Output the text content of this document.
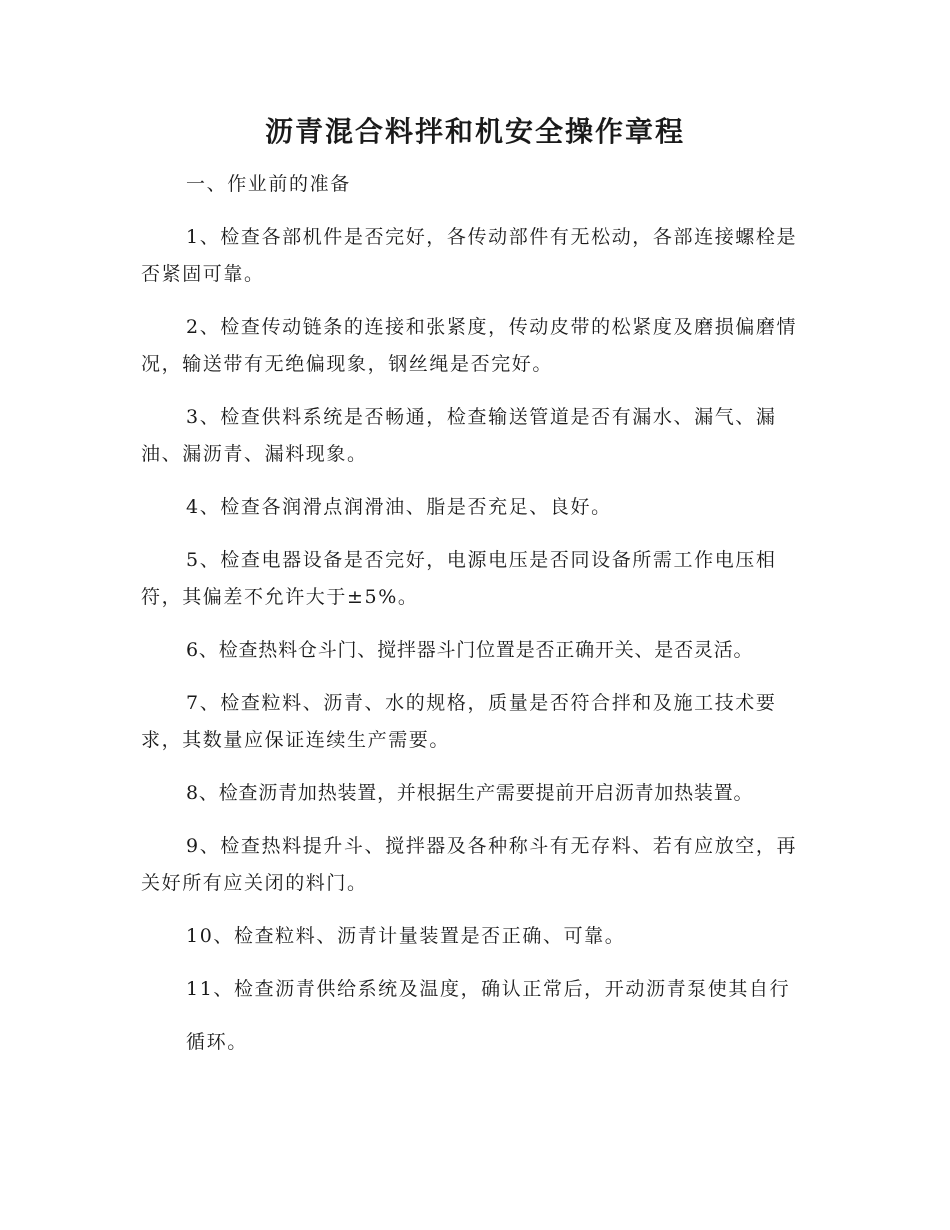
沥青混合料拌和机安全操作章程

一、作业前的准备

1、检查各部机件是否完好，各传动部件有无松动，各部连接螺栓是否紧固可靠。

2、检查传动链条的连接和张紧度，传动皮带的松紧度及磨损偏磨情况，输送带有无绝偏现象，钢丝绳是否完好。

3、检查供料系统是否畅通，检查输送管道是否有漏水、漏气、漏油、漏沥青、漏料现象。

4、检查各润滑点润滑油、脂是否充足、良好。

5、检查电器设备是否完好，电源电压是否同设备所需工作电压相符，其偏差不允许大于±5%。

6、检查热料仓斗门、搅拌器斗门位置是否正确开关、是否灵活。

7、检查粒料、沥青、水的规格，质量是否符合拌和及施工技术要求，其数量应保证连续生产需要。

8、检查沥青加热装置，并根据生产需要提前开启沥青加热装置。

9、检查热料提升斗、搅拌器及各种称斗有无存料、若有应放空，再关好所有应关闭的料门。

10、检查粒料、沥青计量装置是否正确、可靠。

11、检查沥青供给系统及温度，确认正常后，开动沥青泵使其自行

循环。
